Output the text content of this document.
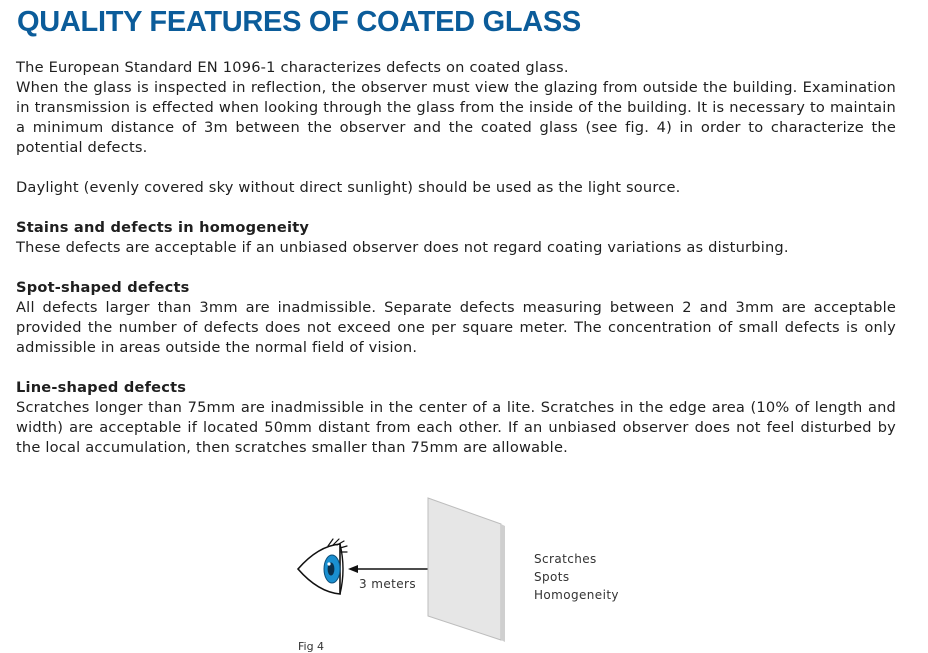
QUALITY FEATURES OF COATED GLASS

The European Standard EN 1096-1 characterizes defects on coated glass.

When the glass is inspected in reflection, the observer must view the glazing from outside the building. Examination in transmission is effected when looking through the glass from the inside of the building. It is necessary to maintain a minimum distance of 3m between the observer and the coated glass (see fig. 4) in order to characterize the potential defects.

Daylight (evenly covered sky without direct sunlight) should be used as the light source.

Stains and defects in homogeneity

These defects are acceptable if an unbiased observer does not regard coating variations as disturbing.

Spot-shaped defects

All defects larger than 3mm are inadmissible. Separate defects measuring between 2 and 3mm are acceptable provided the number of defects does not exceed one per square meter. The concentration of small defects is only admissible in areas outside the normal field of vision.

Line-shaped defects

Scratches longer than 75mm are inadmissible in the center of a lite. Scratches in the edge area (10% of length and width) are acceptable if located 50mm distant from each other. If an unbiased observer does not feel disturbed by the local accumulation, then scratches smaller than 75mm are allowable.

3 meters
Scratches
Spots
Homogeneity
Fig 4
